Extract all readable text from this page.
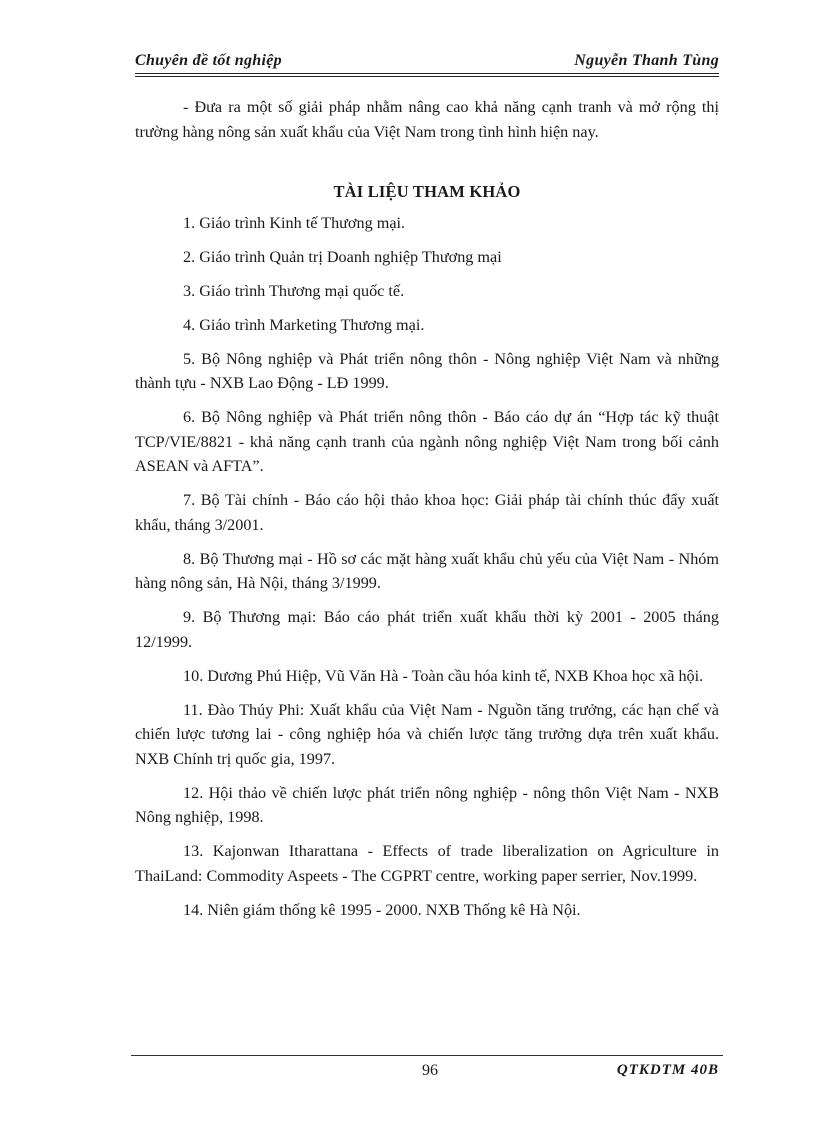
Chuyên đề tốt nghiệp	Nguyễn Thanh Tùng

- Đưa ra một số giải pháp nhằm nâng cao khả năng cạnh tranh và mở rộng thị trường hàng nông sản xuất khẩu của Việt Nam trong tình hình hiện nay.

TÀI LIỆU THAM KHẢO
1. Giáo trình Kinh tế Thương mại.
2. Giáo trình Quản trị Doanh nghiệp Thương mại
3. Giáo trình Thương mại quốc tế.
4. Giáo trình Marketing Thương mại.
5. Bộ Nông nghiệp và Phát triển nông thôn - Nông nghiệp Việt Nam và những thành tựu - NXB Lao Động - LĐ 1999.
6. Bộ Nông nghiệp và Phát triển nông thôn - Báo cáo dự án “Hợp tác kỹ thuật TCP/VIE/8821 - khả năng cạnh tranh của ngành nông nghiệp Việt Nam trong bối cảnh ASEAN và AFTA”.
7. Bộ Tài chính - Báo cáo hội thảo khoa học: Giải pháp tài chính thúc đẩy xuất khẩu, tháng 3/2001.
8. Bộ Thương mại - Hồ sơ các mặt hàng xuất khẩu chủ yếu của Việt Nam - Nhóm hàng nông sản, Hà Nội, tháng 3/1999.
9. Bộ Thương mại: Báo cáo phát triển xuất khẩu thời kỳ 2001 - 2005 tháng 12/1999.
10. Dương Phú Hiệp, Vũ Văn Hà - Toàn cầu hóa kinh tế, NXB Khoa học xã hội.
11. Đào Thúy Phi: Xuất khẩu của Việt Nam - Nguồn tăng trưởng, các hạn chế và chiến lược tương lai - công nghiệp hóa và chiến lược tăng trưởng dựa trên xuất khẩu. NXB Chính trị quốc gia, 1997.
12. Hội thảo về chiến lược phát triển nông nghiệp - nông thôn Việt Nam - NXB Nông nghiệp, 1998.
13. Kajonwan Itharattana - Effects of trade liberalization on Agriculture in ThaiLand: Commodity Aspeets - The CGPRT centre, working paper serrier, Nov.1999.
14. Niên giám thống kê 1995 - 2000. NXB Thống kê Hà Nội.
96	QTKDTM 40B
